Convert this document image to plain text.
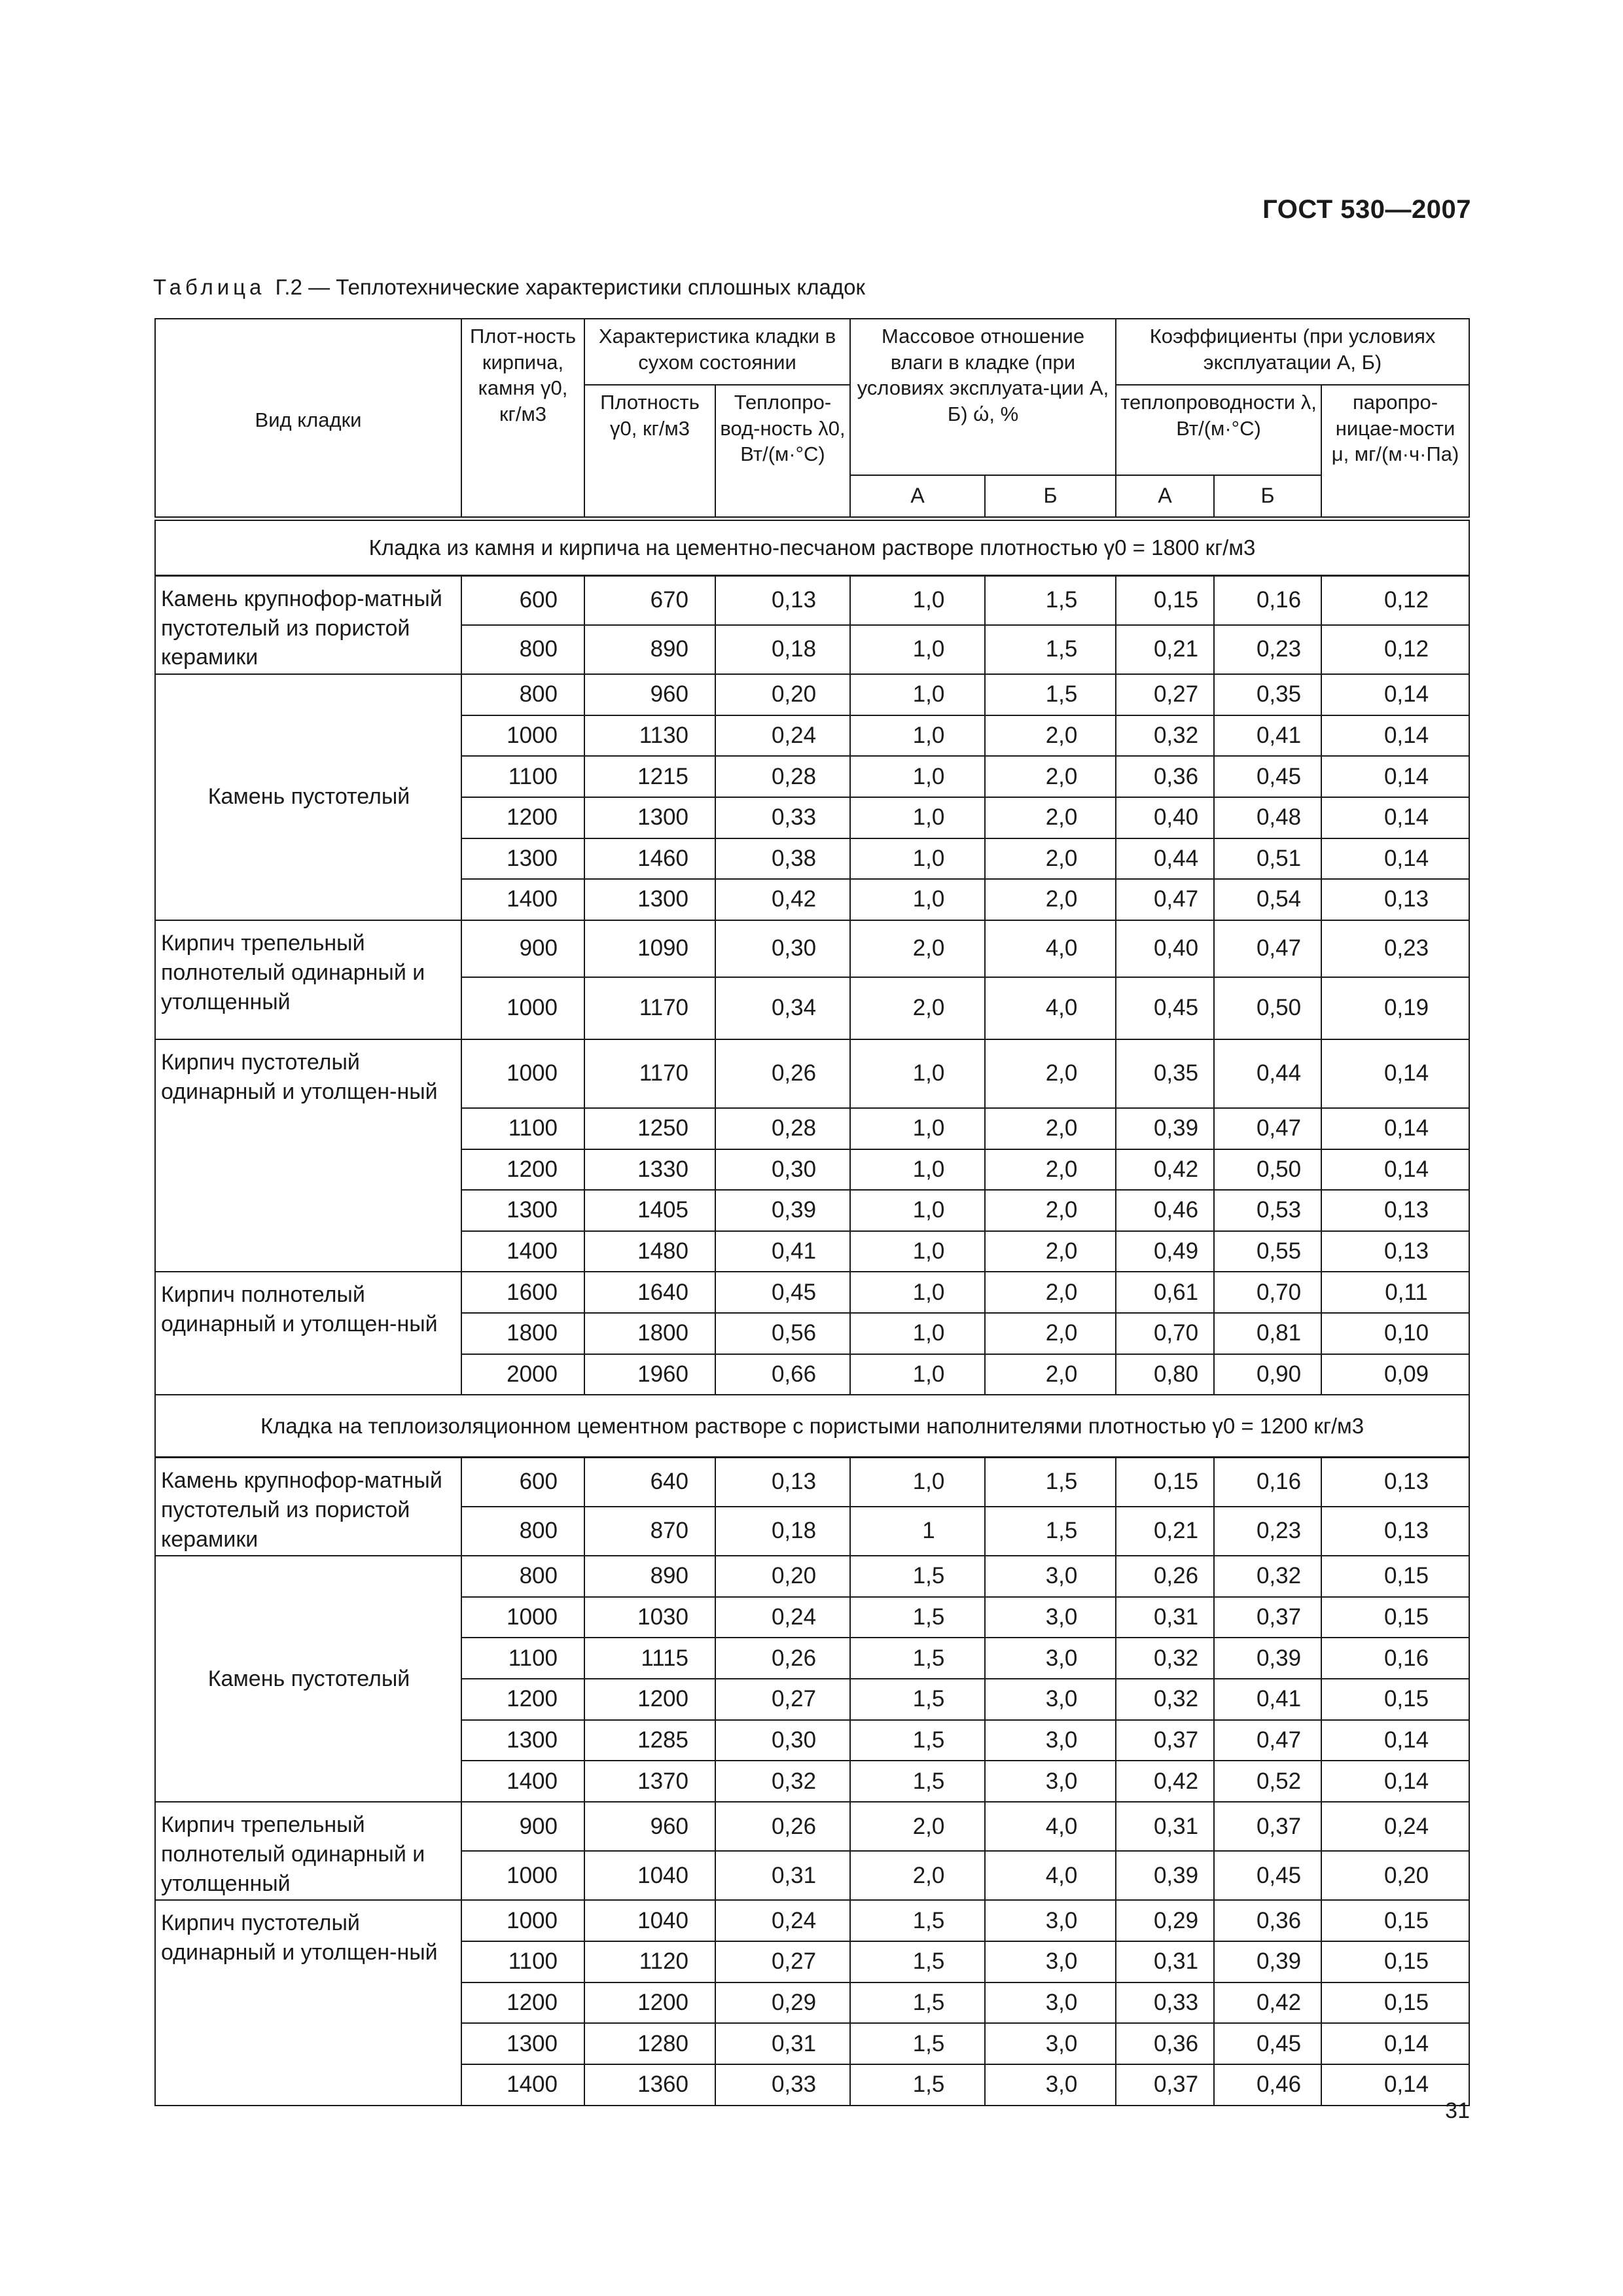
ГОСТ 530—2007
Таблица Г.2 — Теплотехнические характеристики сплошных кладок
Вид кладки	Плот-ность кирпича, камня γ0, кг/м3	Характеристика кладки в сухом состоянии		Массовое отношение влаги в кладке (при условиях эксплуата-ции А, Б) ώ, %		Коэффициенты (при условиях эксплуатации А, Б)		
		Плотность γ0, кг/м3	Теплопро-вод-ность λ0, Вт/(м·°С)			теплопроводности λ, Вт/(м·°С)		паропро-ницае-мости μ, мг/(м·ч·Па)
				А	Б	А	Б	
Кладка из камня и кирпича на цементно-песчаном растворе плотностью γ0 = 1800 кг/м3								
Камень крупнофор-матный пустотелый из пористой керамики	600	670	0,13	1,0	1,5	0,15	0,16	0,12
	800	890	0,18	1,0	1,5	0,21	0,23	0,12
Камень пустотелый	800	960	0,20	1,0	1,5	0,27	0,35	0,14
	1000	1130	0,24	1,0	2,0	0,32	0,41	0,14
	1100	1215	0,28	1,0	2,0	0,36	0,45	0,14
	1200	1300	0,33	1,0	2,0	0,40	0,48	0,14
	1300	1460	0,38	1,0	2,0	0,44	0,51	0,14
	1400	1300	0,42	1,0	2,0	0,47	0,54	0,13
Кирпич трепельный полнотелый одинарный и утолщенный	900	1090	0,30	2,0	4,0	0,40	0,47	0,23
	1000	1170	0,34	2,0	4,0	0,45	0,50	0,19
Кирпич пустотелый одинарный и утолщен-ный	1000	1170	0,26	1,0	2,0	0,35	0,44	0,14
	1100	1250	0,28	1,0	2,0	0,39	0,47	0,14
	1200	1330	0,30	1,0	2,0	0,42	0,50	0,14
	1300	1405	0,39	1,0	2,0	0,46	0,53	0,13
	1400	1480	0,41	1,0	2,0	0,49	0,55	0,13
Кирпич полнотелый одинарный и утолщен-ный	1600	1640	0,45	1,0	2,0	0,61	0,70	0,11
	1800	1800	0,56	1,0	2,0	0,70	0,81	0,10
	2000	1960	0,66	1,0	2,0	0,80	0,90	0,09
Кладка на теплоизоляционном цементном растворе с пористыми наполнителями плотностью γ0 = 1200 кг/м3								
Камень крупнофор-матный пустотелый из пористой керамики	600	640	0,13	1,0	1,5	0,15	0,16	0,13
	800	870	0,18	1	1,5	0,21	0,23	0,13
Камень пустотелый	800	890	0,20	1,5	3,0	0,26	0,32	0,15
	1000	1030	0,24	1,5	3,0	0,31	0,37	0,15
	1100	1115	0,26	1,5	3,0	0,32	0,39	0,16
	1200	1200	0,27	1,5	3,0	0,32	0,41	0,15
	1300	1285	0,30	1,5	3,0	0,37	0,47	0,14
	1400	1370	0,32	1,5	3,0	0,42	0,52	0,14
Кирпич трепельный полнотелый одинарный и утолщенный	900	960	0,26	2,0	4,0	0,31	0,37	0,24
	1000	1040	0,31	2,0	4,0	0,39	0,45	0,20
Кирпич пустотелый одинарный и утолщен-ный	1000	1040	0,24	1,5	3,0	0,29	0,36	0,15
	1100	1120	0,27	1,5	3,0	0,31	0,39	0,15
	1200	1200	0,29	1,5	3,0	0,33	0,42	0,15
	1300	1280	0,31	1,5	3,0	0,36	0,45	0,14
	1400	1360	0,33	1,5	3,0	0,37	0,46	0,14
31
